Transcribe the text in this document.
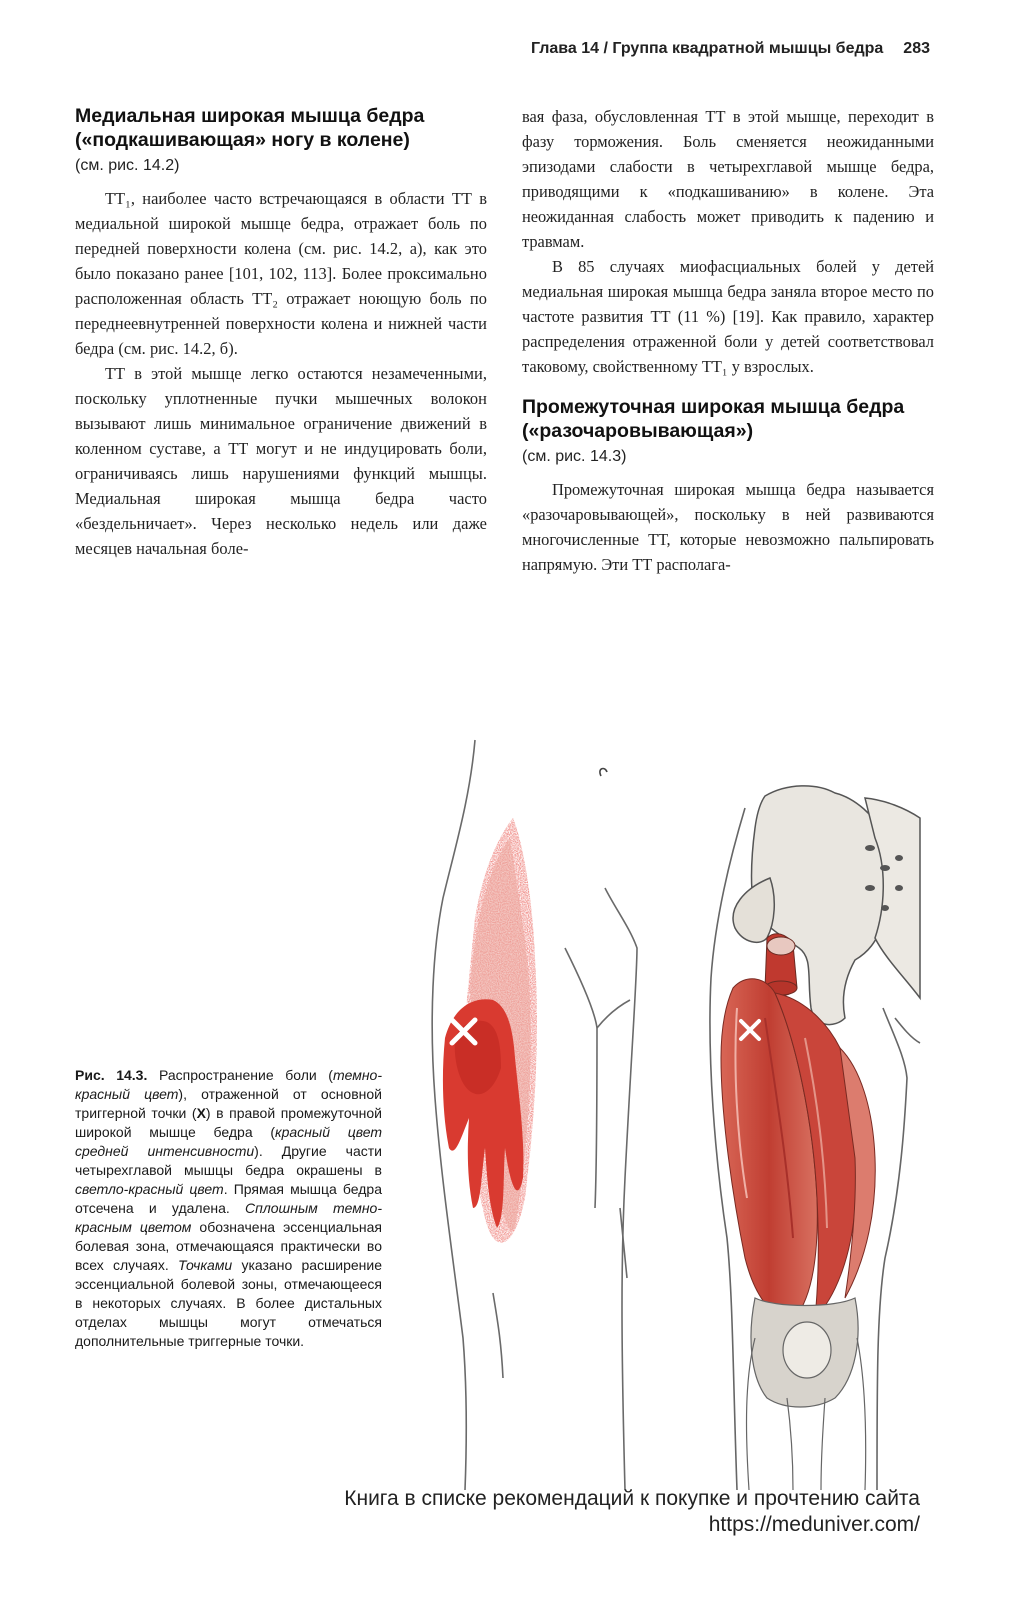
Глава 14 / Группа квадратной мышцы бедра 283
Медиальная широкая мышца бедра («подкашивающая» ногу в колене)
(см. рис. 14.2)

ТТ₁, наиболее часто встречающаяся в области ТТ в медиальной широкой мышце бедра, отражает боль по передней поверхности колена (см. рис. 14.2, а), как это было показано ранее [101, 102, 113]. Более проксимально расположенная область ТТ₂ отражает ноющую боль по переднеевнутренней поверхности колена и нижней части бедра (см. рис. 14.2, б).

ТТ в этой мышце легко остаются незамеченными, поскольку уплотненные пучки мышечных волокон вызывают лишь минимальное ограничение движений в коленном суставе, а ТТ могут и не индуцировать боли, ограничиваясь лишь нарушениями функций мышцы. Медиальная широкая мышца бедра часто «бездельничает». Через несколько недель или даже месяцев начальная боле-

вая фаза, обусловленная ТТ в этой мышце, переходит в фазу торможения. Боль сменяется неожиданными эпизодами слабости в четырехглавой мышце бедра, приводящими к «подкашиванию» в колене. Эта неожиданная слабость может приводить к падению и травмам.

В 85 случаях миофасциальных болей у детей медиальная широкая мышца бедра заняла второе место по частоте развития ТТ (11 %) [19]. Как правило, характер распределения отраженной боли у детей соответствовал таковому, свойственному ТТ₁ у взрослых.

Промежуточная широкая мышца бедра («разочаровывающая»)
(см. рис. 14.3)

Промежуточная широкая мышца бедра называется «разочаровывающей», поскольку в ней развиваются многочисленные ТТ, которые невозможно пальпировать напрямую. Эти ТТ располага-

Рис. 14.3. Распространение боли (темно-красный цвет), отраженной от основной триггерной точки (X) в правой промежуточной широкой мышце бедра (красный цвет средней интенсивности). Другие части четырехглавой мышцы бедра окрашены в светло-красный цвет. Прямая мышца бедра отсечена и удалена. Сплошным темно-красным цветом обозначена эссенциальная болевая зона, отмечающаяся практически во всех случаях. Точками указано расширение эссенциальной болевой зоны, отмечающееся в некоторых случаях. В более дистальных отделах мышцы могут отмечаться дополнительные триггерные точки.
Книга в списке рекомендаций к покупке и прочтению сайта https://meduniver.com/
